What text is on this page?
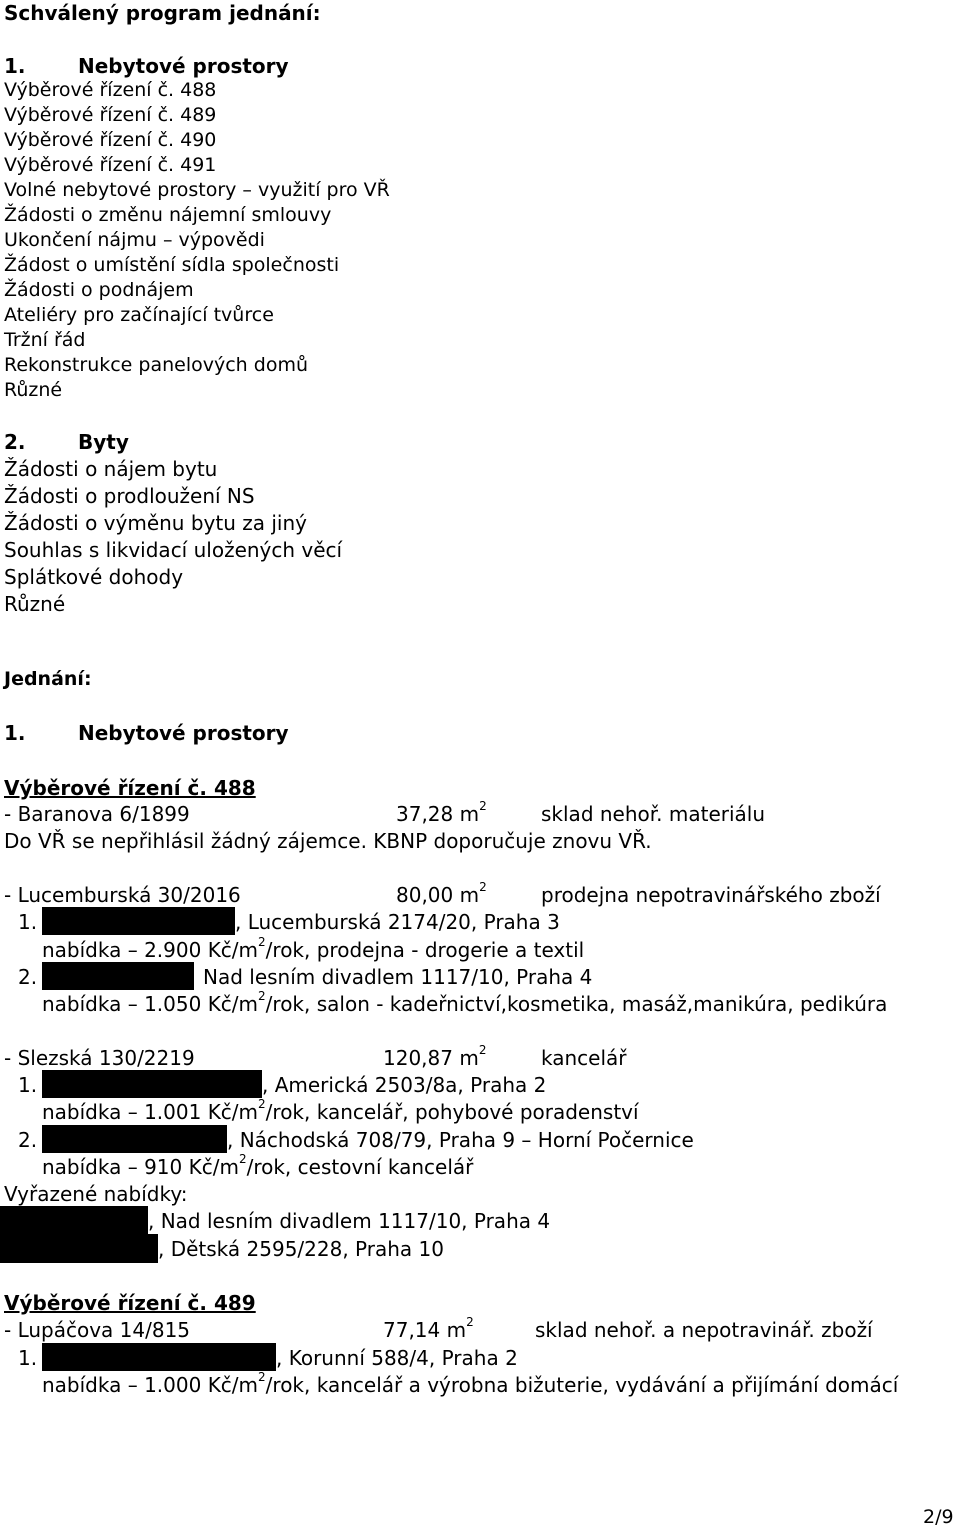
Schválený program jednání:
1.	Nebytové prostory
Výběrové řízení č. 488
Výběrové řízení č. 489
Výběrové řízení č. 490
Výběrové řízení č. 491
Volné nebytové prostory – využití pro VŘ
Žádosti o změnu nájemní smlouvy
Ukončení nájmu – výpovědi
Žádost o umístění sídla společnosti
Žádosti o podnájem
Ateliéry pro začínající tvůrce
Tržní řád
Rekonstrukce panelových domů
Různé
2.	Byty
Žádosti o nájem bytu
Žádosti o prodloužení NS
Žádosti o výměnu bytu za jiný
Souhlas s likvidací uložených věcí
Splátkové dohody
Různé
Jednání:
1.	Nebytové prostory
Výběrové řízení č. 488
- Baranova 6/1899	37,28 $m^2$	sklad nehoř. materiálu
Do VŘ se nepřihlásil žádný zájemce. KBNP doporučuje znovu VŘ.
- Lucemburská 30/2016	80,00 $m^2$	prodejna nepotravinářského zboží
1.	, Lucemburská 2174/20, Praha 3
nabídka – 2.900 $Kč/m^2$/rok, prodejna - drogerie a textil
2.	Nad lesním divadlem 1117/10, Praha 4
nabídka – 1.050 $Kč/m^2$/rok, salon - kadeřnictví,kosmetika, masáž,manikúra, pedikúra
- Slezská 130/2219	120,87 $m^2$	kancelář
1.	, Americká 2503/8a, Praha 2
nabídka – 1.001 $Kč/m^2$/rok, kancelář, pohybové poradenství
2.	, Náchodská 708/79, Praha 9 – Horní Počernice
nabídka – 910 $Kč/m^2$/rok, cestovní kancelář
Vyřazené nabídky:
, Nad lesním divadlem 1117/10, Praha 4
, Dětská 2595/228, Praha 10
Výběrové řízení č. 489
- Lupáčova 14/815	77,14 $m^2$	sklad nehoř. a nepotravinář. zboží
1.	, Korunní 588/4, Praha 2
nabídka – 1.000 $Kč/m^2$/rok, kancelář a výrobna bižuterie, vydávání a přijímání domácí
2/9
